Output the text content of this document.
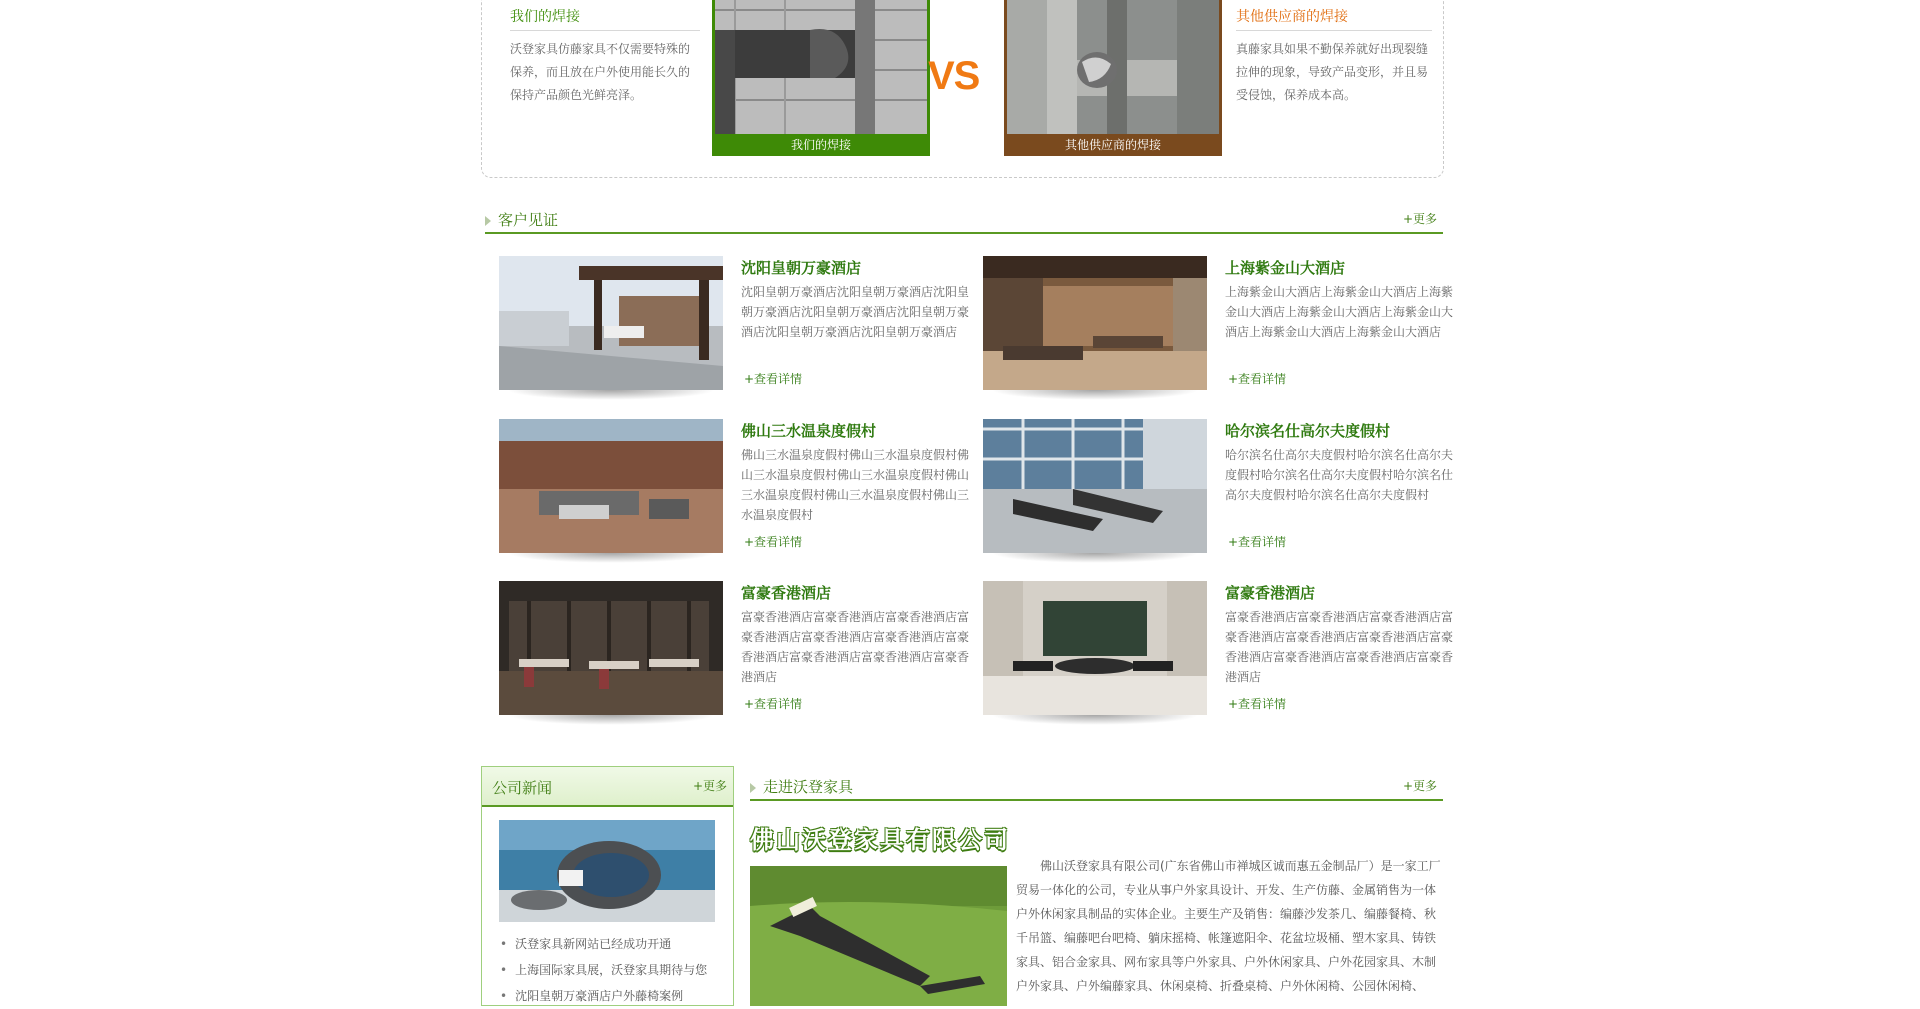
我们的焊接
沃登家具仿藤家具不仅需要特殊的保养，而且放在户外使用能长久的保持产品颜色光鲜亮泽。
我们的焊接
VS
其他供应商的焊接
其他供应商的焊接
真藤家具如果不勤保养就好出现裂缝拉伸的现象，导致产品变形，并且易受侵蚀，保养成本高。
客户见证	+更多
沈阳皇朝万豪酒店
沈阳皇朝万豪酒店沈阳皇朝万豪酒店沈阳皇朝万豪酒店沈阳皇朝万豪酒店沈阳皇朝万豪酒店沈阳皇朝万豪酒店沈阳皇朝万豪酒店
+查看详情
上海紫金山大酒店
上海紫金山大酒店上海紫金山大酒店上海紫金山大酒店上海紫金山大酒店上海紫金山大酒店上海紫金山大酒店上海紫金山大酒店
+查看详情
佛山三水温泉度假村
佛山三水温泉度假村佛山三水温泉度假村佛山三水温泉度假村佛山三水温泉度假村佛山三水温泉度假村佛山三水温泉度假村佛山三水温泉度假村
+查看详情
哈尔滨名仕高尔夫度假村
哈尔滨名仕高尔夫度假村哈尔滨名仕高尔夫度假村哈尔滨名仕高尔夫度假村哈尔滨名仕高尔夫度假村哈尔滨名仕高尔夫度假村
+查看详情
富豪香港酒店
富豪香港酒店富豪香港酒店富豪香港酒店富豪香港酒店富豪香港酒店富豪香港酒店富豪香港酒店富豪香港酒店富豪香港酒店富豪香港酒店
+查看详情
富豪香港酒店
富豪香港酒店富豪香港酒店富豪香港酒店富豪香港酒店富豪香港酒店富豪香港酒店富豪香港酒店富豪香港酒店富豪香港酒店富豪香港酒店
+查看详情
公司新闻	+更多
• 沃登家具新网站已经成功开通
• 上海国际家具展，沃登家具期待与您
• 沈阳皇朝万豪酒店户外藤椅案例
走进沃登家具	+更多
佛山沃登家具有限公司
佛山沃登家具有限公司(广东省佛山市禅城区诚而惠五金制品厂）是一家工厂贸易一体化的公司，专业从事户外家具设计、开发、生产仿藤、金属销售为一体户外休闲家具制品的实体企业。主要生产及销售：编藤沙发茶几、编藤餐椅、秋千吊篮、编藤吧台吧椅、躺床摇椅、帐篷遮阳伞、花盆垃圾桶、塑木家具、铸铁家具、铝合金家具、网布家具等户外家具、户外休闲家具、户外花园家具、木制户外家具、户外编藤家具、休闲桌椅、折叠桌椅、户外休闲椅、公园休闲椅、
